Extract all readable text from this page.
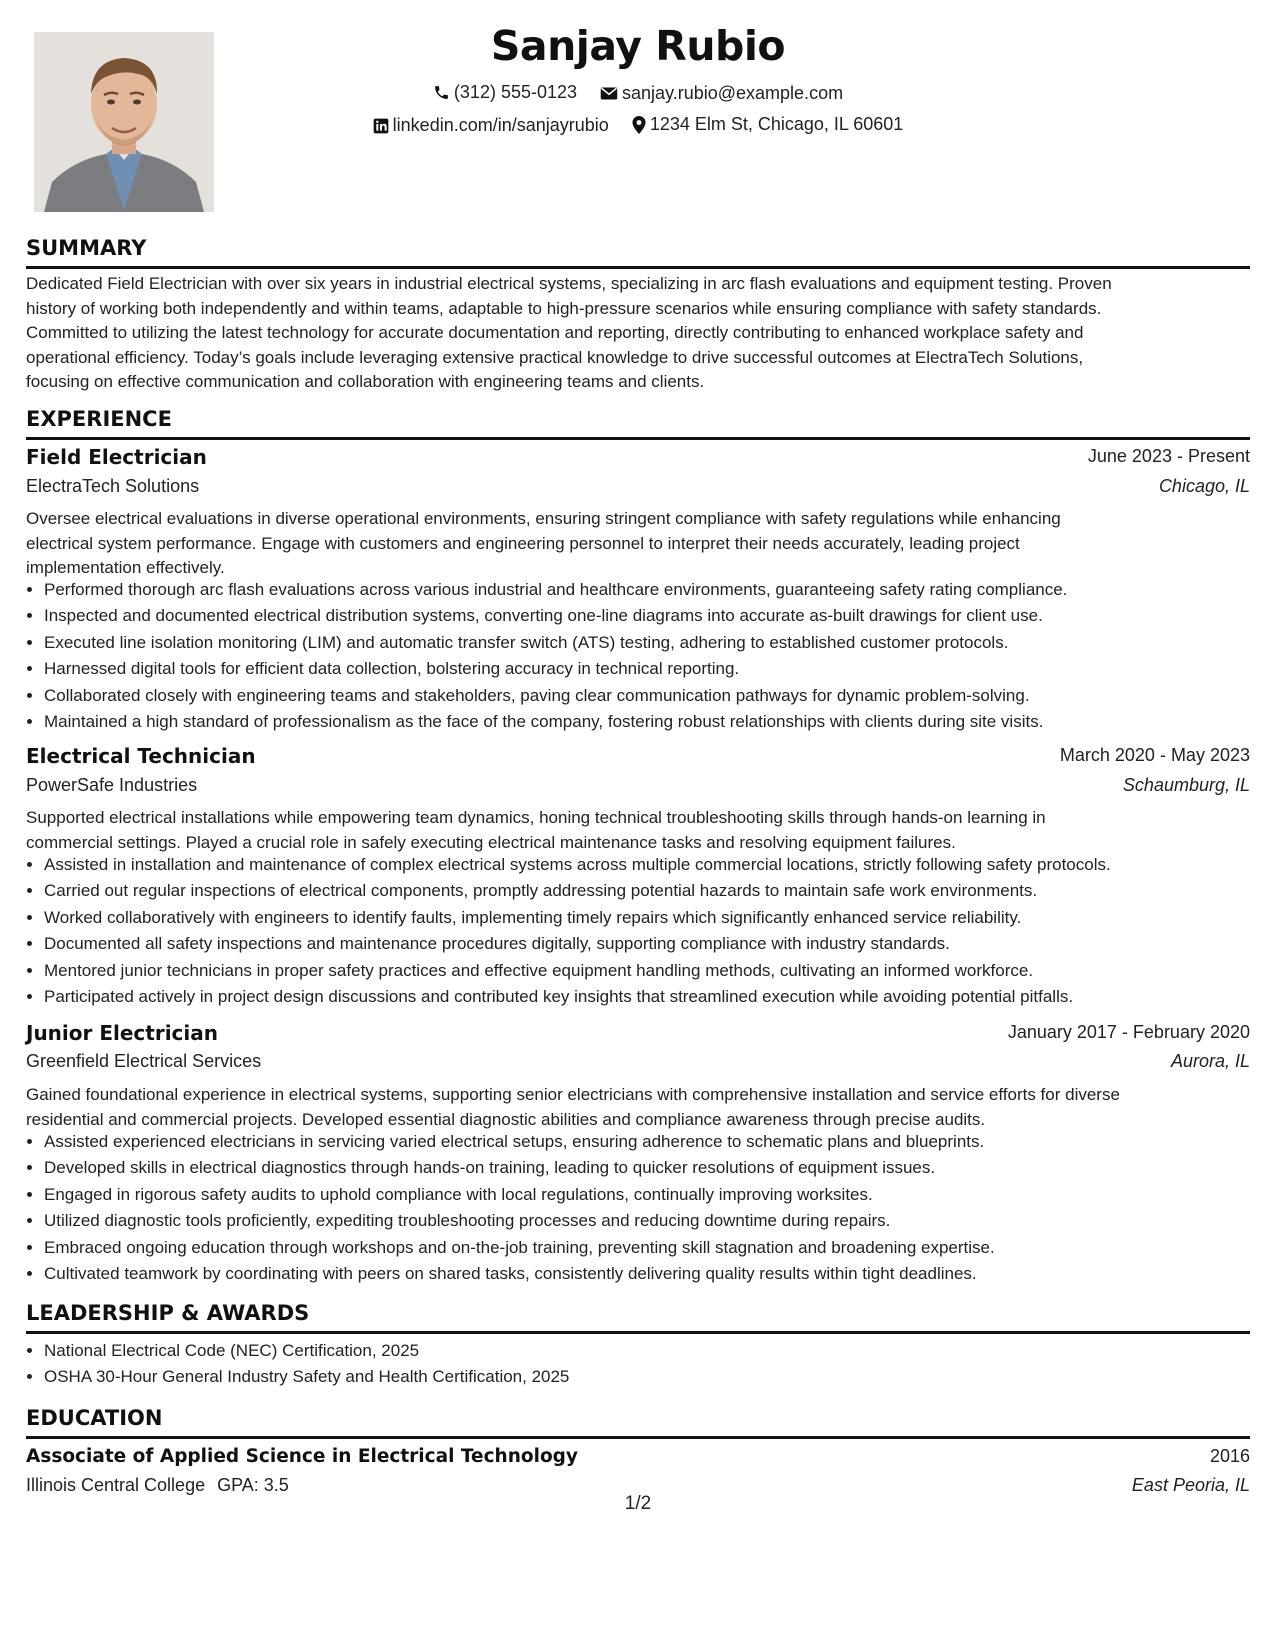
Sanjay Rubio
(312) 555-0123
	sanjay.rubio@example.com
linkedin.com/in/sanjayrubio
1234 Elm St, Chicago, IL 60601
SUMMARY
Dedicated Field Electrician with over six years in industrial electrical systems, specializing in arc flash evaluations and equipment testing. Proven
history of working both independently and within teams, adaptable to high-pressure scenarios while ensuring compliance with safety standards.
Committed to utilizing the latest technology for accurate documentation and reporting, directly contributing to enhanced workplace safety and
operational efficiency. Today’s goals include leveraging extensive practical knowledge to drive successful outcomes at ElectraTech Solutions,
focusing on effective communication and collaboration with engineering teams and clients.
EXPERIENCE
Field Electrician	June 2023 - Present
ElectraTech Solutions	Chicago, IL
Oversee electrical evaluations in diverse operational environments, ensuring stringent compliance with safety regulations while enhancing
electrical system performance. Engage with customers and engineering personnel to interpret their needs accurately, leading project
implementation effectively.
• Performed thorough arc flash evaluations across various industrial and healthcare environments, guaranteeing safety rating compliance.
• Inspected and documented electrical distribution systems, converting one-line diagrams into accurate as-built drawings for client use.
• Executed line isolation monitoring (LIM) and automatic transfer switch (ATS) testing, adhering to established customer protocols.
• Harnessed digital tools for efficient data collection, bolstering accuracy in technical reporting.
• Collaborated closely with engineering teams and stakeholders, paving clear communication pathways for dynamic problem-solving.
• Maintained a high standard of professionalism as the face of the company, fostering robust relationships with clients during site visits.
Electrical Technician	March 2020 - May 2023
PowerSafe Industries	Schaumburg, IL
Supported electrical installations while empowering team dynamics, honing technical troubleshooting skills through hands-on learning in
commercial settings. Played a crucial role in safely executing electrical maintenance tasks and resolving equipment failures.
• Assisted in installation and maintenance of complex electrical systems across multiple commercial locations, strictly following safety protocols.
• Carried out regular inspections of electrical components, promptly addressing potential hazards to maintain safe work environments.
• Worked collaboratively with engineers to identify faults, implementing timely repairs which significantly enhanced service reliability.
• Documented all safety inspections and maintenance procedures digitally, supporting compliance with industry standards.
• Mentored junior technicians in proper safety practices and effective equipment handling methods, cultivating an informed workforce.
• Participated actively in project design discussions and contributed key insights that streamlined execution while avoiding potential pitfalls.
Junior Electrician	January 2017 - February 2020
Greenfield Electrical Services	Aurora, IL
Gained foundational experience in electrical systems, supporting senior electricians with comprehensive installation and service efforts for diverse
residential and commercial projects. Developed essential diagnostic abilities and compliance awareness through precise audits.
• Assisted experienced electricians in servicing varied electrical setups, ensuring adherence to schematic plans and blueprints.
• Developed skills in electrical diagnostics through hands-on training, leading to quicker resolutions of equipment issues.
• Engaged in rigorous safety audits to uphold compliance with local regulations, continually improving worksites.
• Utilized diagnostic tools proficiently, expediting troubleshooting processes and reducing downtime during repairs.
• Embraced ongoing education through workshops and on-the-job training, preventing skill stagnation and broadening expertise.
• Cultivated teamwork by coordinating with peers on shared tasks, consistently delivering quality results within tight deadlines.
LEADERSHIP & AWARDS
• National Electrical Code (NEC) Certification, 2025
• OSHA 30-Hour General Industry Safety and Health Certification, 2025
EDUCATION
Associate of Applied Science in Electrical Technology	2016
Illinois Central College GPA: 3.5	East Peoria, IL
1/2
